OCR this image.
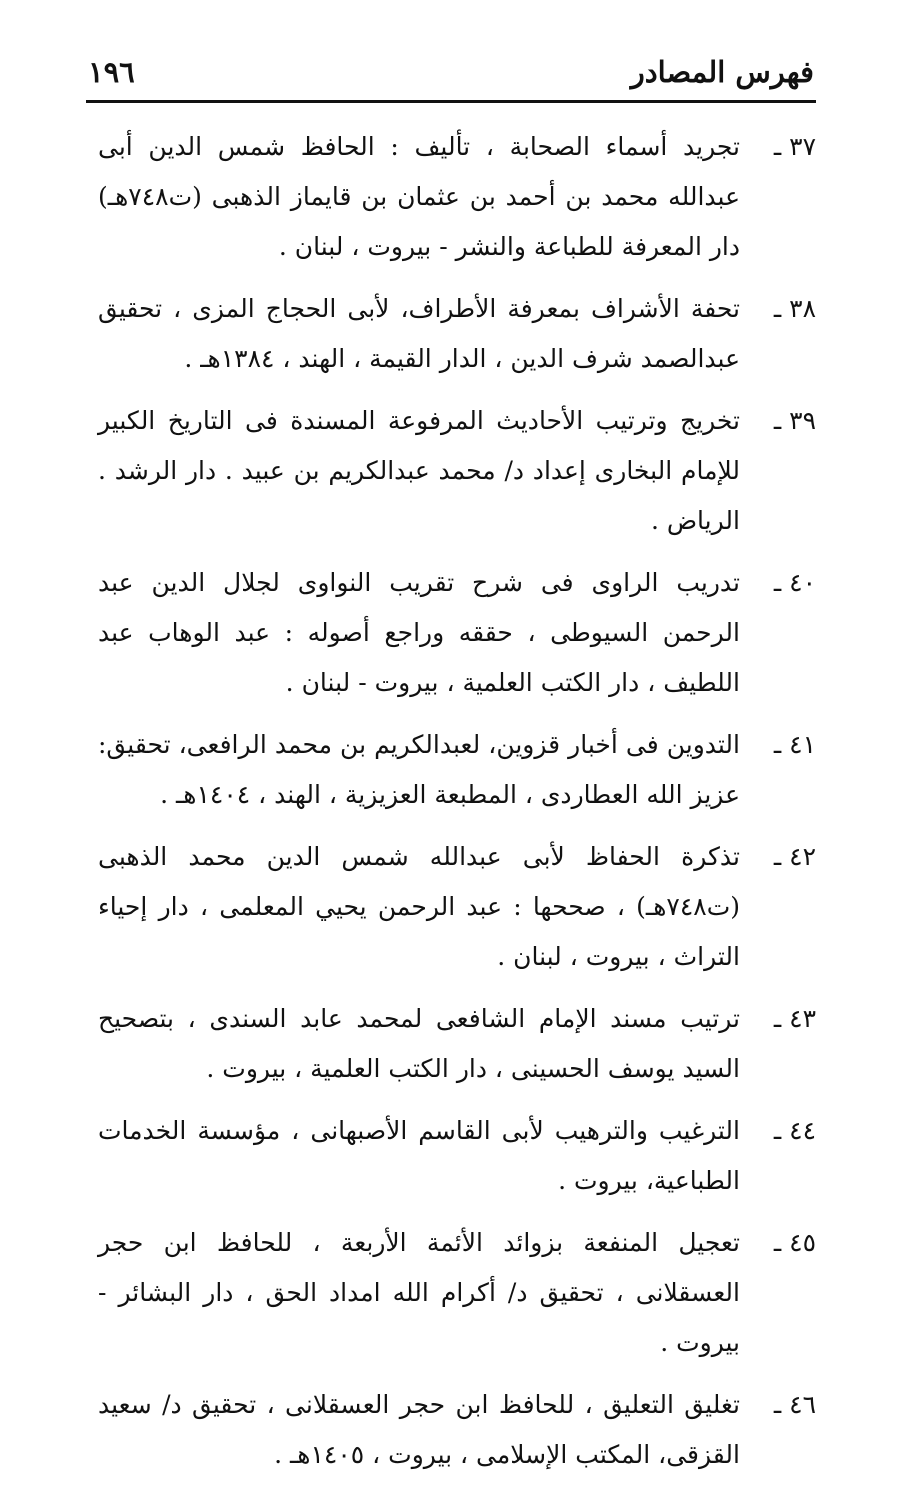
فهرس المصادر
١٩٦
٣٧ ـ
تجريد أسماء الصحابة ، تأليف : الحافظ شمس الدين أبى عبدالله محمد بن أحمد بن عثمان بن قايماز الذهبى (ت٧٤٨هـ) دار المعرفة للطباعة والنشر - بيروت ، لبنان .
٣٨ ـ
تحفة الأشراف بمعرفة الأطراف، لأبى الحجاج المزى ، تحقيق عبدالصمد شرف الدين ، الدار القيمة ، الهند ، ١٣٨٤هـ .
٣٩ ـ
تخريج وترتيب الأحاديث المرفوعة المسندة فى التاريخ الكبير للإمام البخارى إعداد د/ محمد عبدالكريم بن عبيد . دار الرشد . الرياض .
٤٠ ـ
تدريب الراوى فى شرح تقريب النواوى لجلال الدين عبد الرحمن السيوطى ، حققه وراجع أصوله : عبد الوهاب عبد اللطيف ، دار الكتب العلمية ، بيروت - لبنان .
٤١ ـ
التدوين فى أخبار قزوين، لعبدالكريم بن محمد الرافعى، تحقيق: عزيز الله العطاردى ، المطبعة العزيزية ، الهند ، ١٤٠٤هـ .
٤٢ ـ
تذكرة الحفاظ لأبى عبدالله شمس الدين محمد الذهبى (ت٧٤٨هـ) ، صححها : عبد الرحمن يحيي المعلمى ، دار إحياء التراث ، بيروت ، لبنان .
٤٣ ـ
ترتيب مسند الإمام الشافعى لمحمد عابد السندى ، بتصحيح السيد يوسف الحسينى ، دار الكتب العلمية ، بيروت .
٤٤ ـ
الترغيب والترهيب لأبى القاسم الأصبهانى ، مؤسسة الخدمات الطباعية، بيروت .
٤٥ ـ
تعجيل المنفعة بزوائد الأئمة الأربعة ، للحافظ ابن حجر العسقلانى ، تحقيق د/ أكرام الله امداد الحق ، دار البشائر - بيروت .
٤٦ ـ
تغليق التعليق ، للحافظ ابن حجر العسقلانى ، تحقيق د/ سعيد القزقى، المكتب الإسلامى ، بيروت ، ١٤٠٥هـ .
